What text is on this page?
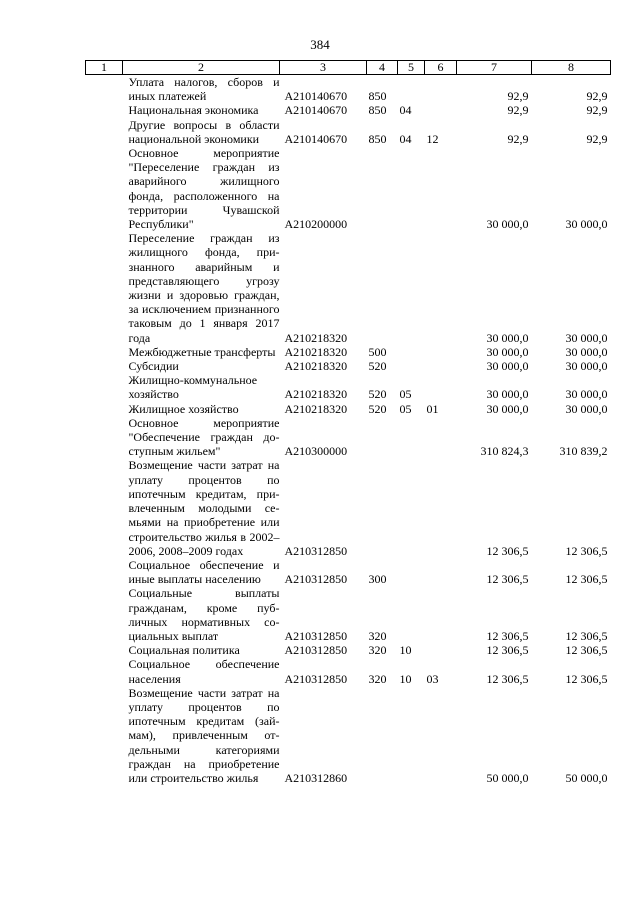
384
1	2	3	4	5	6	7	8
	Уплата налогов, сборов и иных платежей	A210140670	850			92,9	92,9
	Национальная экономика	A210140670	850	04		92,9	92,9
	Другие вопросы в области национальной экономики	A210140670	850	04	12	92,9	92,9
	Основное мероприятие "Переселение граждан из аварийного жилищного фонда, расположенного на территории Чувашской Республики"	A210200000				30 000,0	30 000,0
	Переселение граждан из жилищного фонда, признанного аварийным и представляющего угрозу жизни и здоровью граждан, за исключением признанного таковым до 1 января 2017 года	A210218320				30 000,0	30 000,0
	Межбюджетные трансферты	A210218320	500			30 000,0	30 000,0
	Субсидии	A210218320	520			30 000,0	30 000,0
	Жилищно-коммунальное хозяйство	A210218320	520	05		30 000,0	30 000,0
	Жилищное хозяйство	A210218320	520	05	01	30 000,0	30 000,0
	Основное мероприятие "Обеспечение граждан доступным жильем"	A210300000				310 824,3	310 839,2
	Возмещение части затрат на уплату процентов по ипотечным кредитам, привлеченным молодыми семьями на приобретение или строительство жилья в 2002–2006, 2008–2009 годах	A210312850				12 306,5	12 306,5
	Социальное обеспечение и иные выплаты населению	A210312850	300			12 306,5	12 306,5
	Социальные выплаты гражданам, кроме публичных нормативных социальных выплат	A210312850	320			12 306,5	12 306,5
	Социальная политика	A210312850	320	10		12 306,5	12 306,5
	Социальное обеспечение населения	A210312850	320	10	03	12 306,5	12 306,5
	Возмещение части затрат на уплату процентов по ипотечным кредитам (займам), привлеченным отдельными категориями граждан на приобретение или строительство жилья	A210312860				50 000,0	50 000,0
